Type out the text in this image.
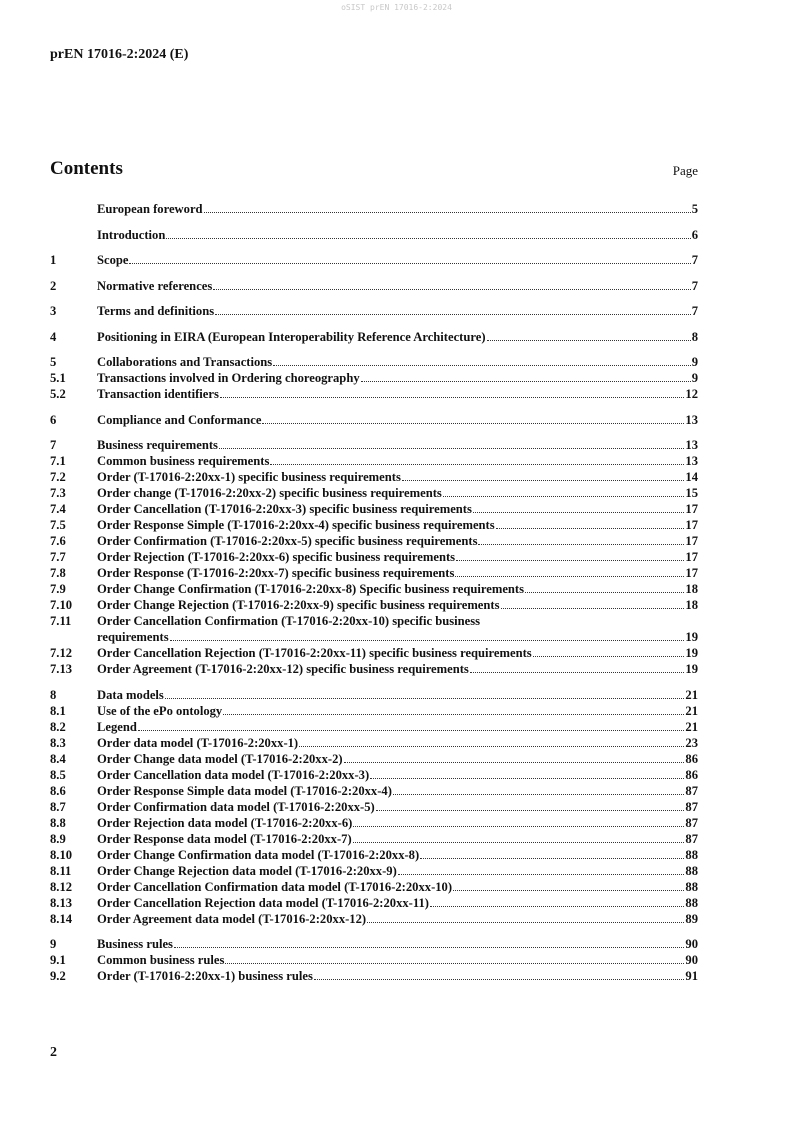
oSIST prEN 17016-2:2024
prEN 17016-2:2024 (E)
Contents	Page
European foreword	5
Introduction	6
1	Scope	7
2	Normative references	7
3	Terms and definitions	7
4	Positioning in EIRA (European Interoperability Reference Architecture)	8
5	Collaborations and Transactions	9
5.1	Transactions involved in Ordering choreography	9
5.2	Transaction identifiers	12
6	Compliance and Conformance	13
7	Business requirements	13
7.1	Common business requirements	13
7.2	Order (T-17016-2:20xx-1) specific business requirements	14
7.3	Order change (T-17016-2:20xx-2) specific business requirements	15
7.4	Order Cancellation (T-17016-2:20xx-3) specific business requirements	17
7.5	Order Response Simple (T-17016-2:20xx-4) specific business requirements	17
7.6	Order Confirmation (T-17016-2:20xx-5) specific business requirements	17
7.7	Order Rejection (T-17016-2:20xx-6) specific business requirements	17
7.8	Order Response (T-17016-2:20xx-7) specific business requirements	17
7.9	Order Change Confirmation (T-17016-2:20xx-8) Specific business requirements	18
7.10	Order Change Rejection (T-17016-2:20xx-9) specific business requirements	18
7.11	Order Cancellation Confirmation (T-17016-2:20xx-10) specific business
requirements	19
7.12	Order Cancellation Rejection (T-17016-2:20xx-11) specific business requirements	19
7.13	Order Agreement (T-17016-2:20xx-12) specific business requirements	19
8	Data models	21
8.1	Use of the ePo ontology	21
8.2	Legend	21
8.3	Order data model (T-17016-2:20xx-1)	23
8.4	Order Change data model (T-17016-2:20xx-2)	86
8.5	Order Cancellation data model (T-17016-2:20xx-3)	86
8.6	Order Response Simple data model (T-17016-2:20xx-4)	87
8.7	Order Confirmation data model (T-17016-2:20xx-5)	87
8.8	Order Rejection data model (T-17016-2:20xx-6)	87
8.9	Order Response data model (T-17016-2:20xx-7)	87
8.10	Order Change Confirmation data model (T-17016-2:20xx-8)	88
8.11	Order Change Rejection data model (T-17016-2:20xx-9)	88
8.12	Order Cancellation Confirmation data model (T-17016-2:20xx-10)	88
8.13	Order Cancellation Rejection data model (T-17016-2:20xx-11)	88
8.14	Order Agreement data model (T-17016-2:20xx-12)	89
9	Business rules	90
9.1	Common business rules	90
9.2	Order (T-17016-2:20xx-1) business rules	91
2
